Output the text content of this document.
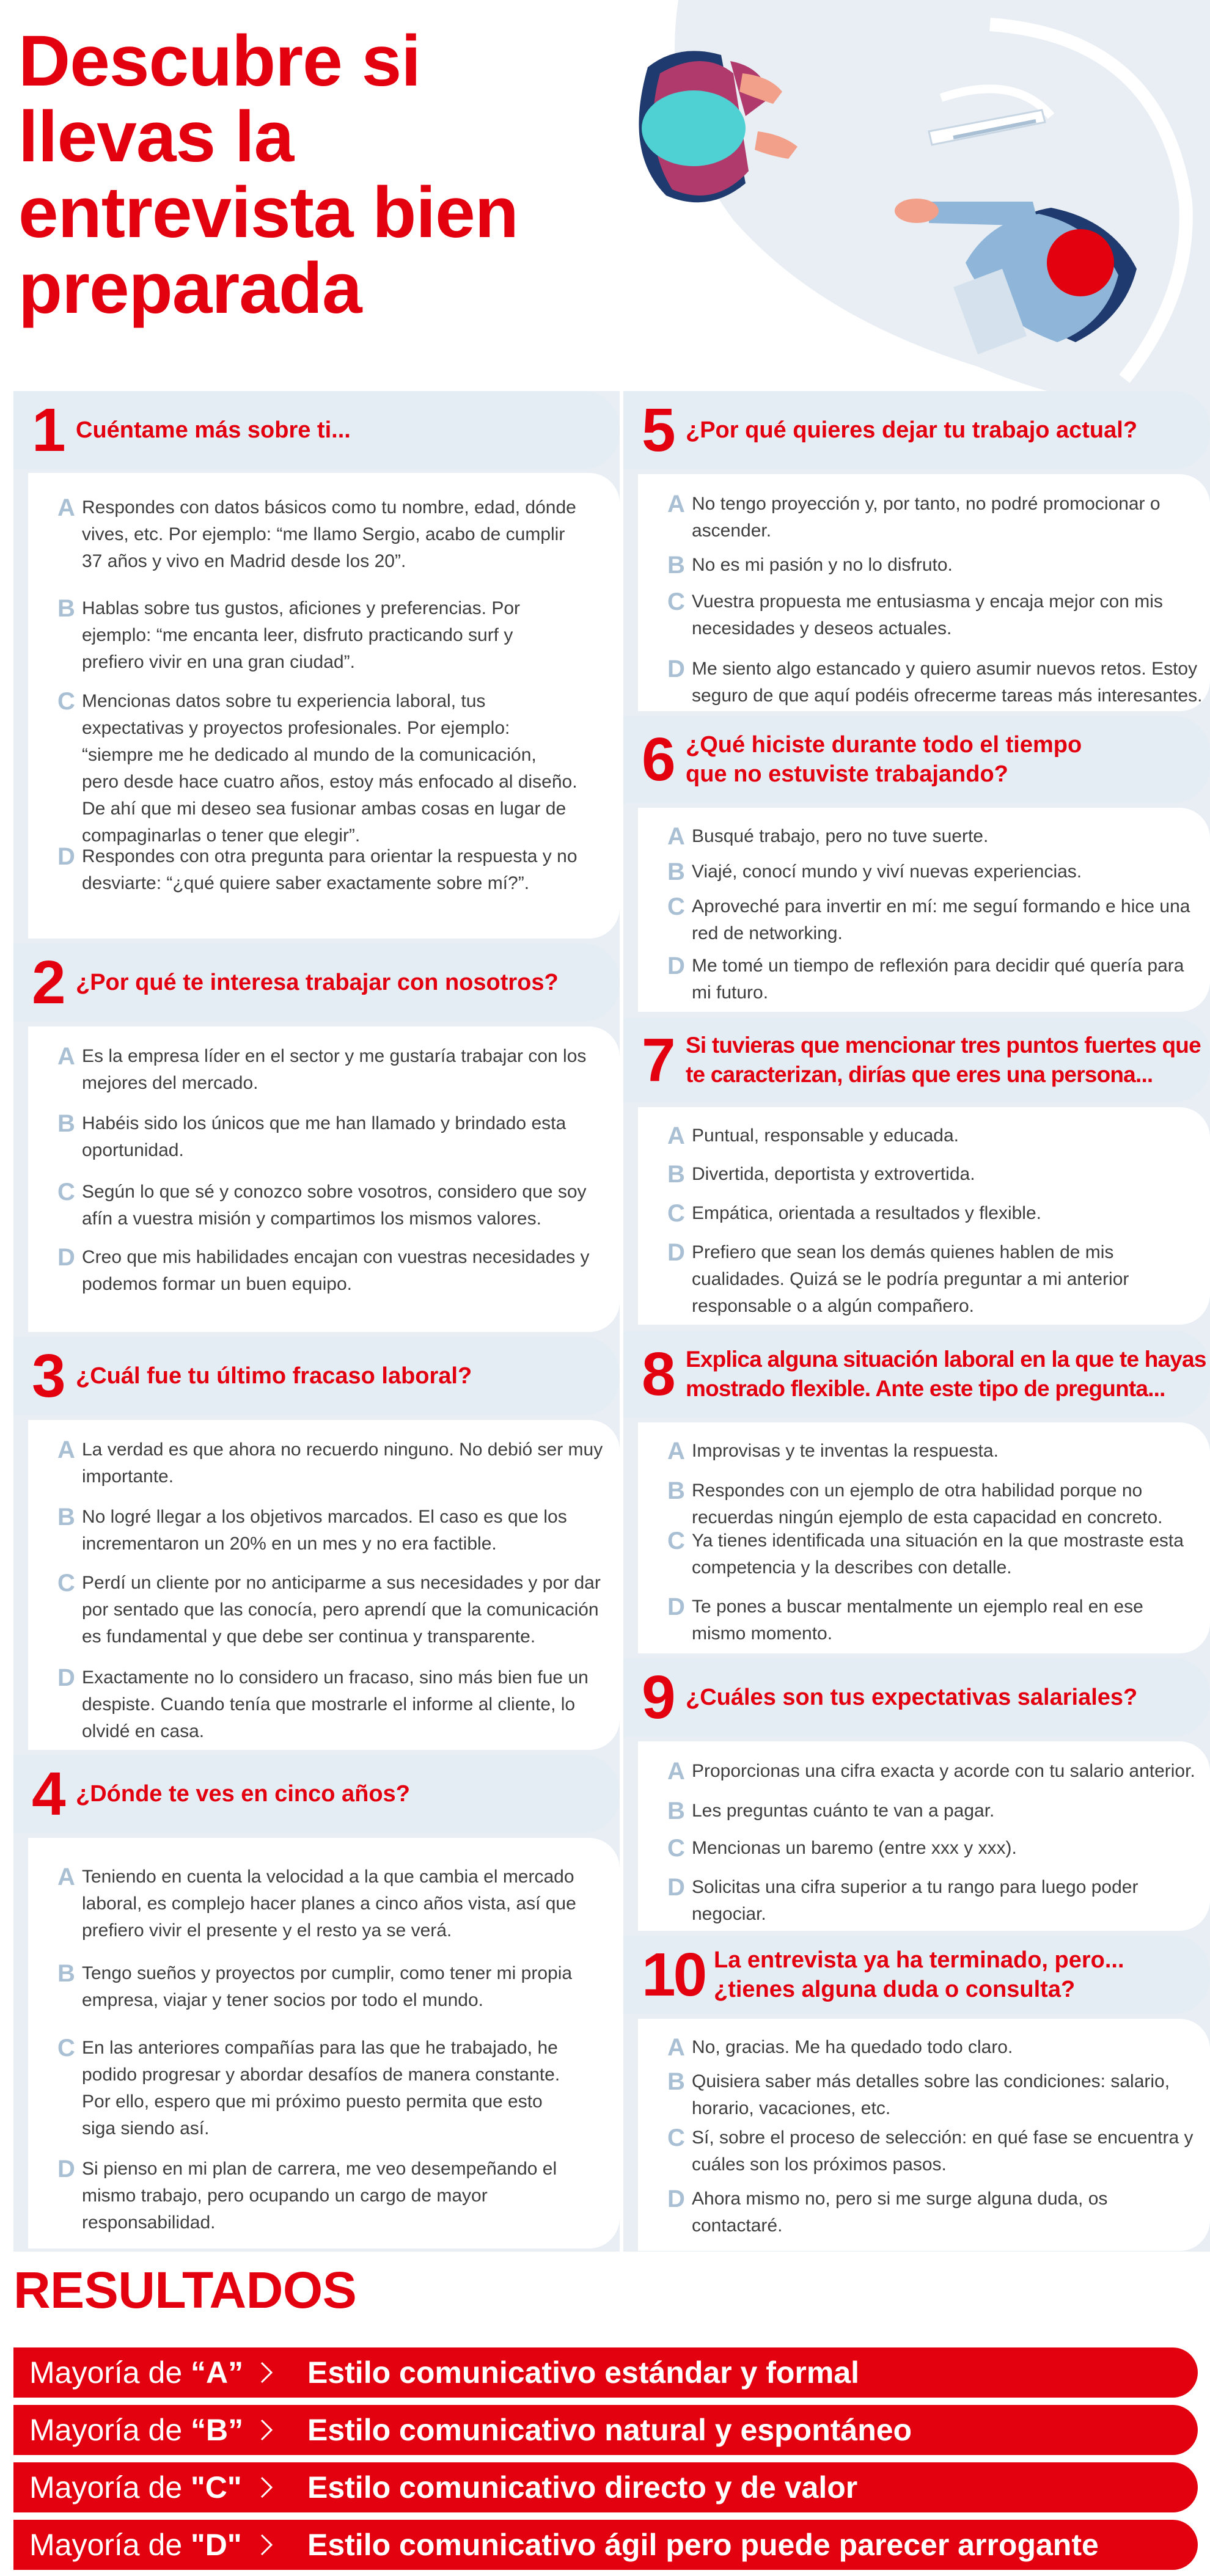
Descubre si
llevas la
entrevista bien
preparada
1 Cuéntame más sobre ti...
A Respondes con datos básicos como tu nombre, edad, dónde
vives, etc. Por ejemplo: “me llamo Sergio, acabo de cumplir
37 años y vivo en Madrid desde los 20”.
B Hablas sobre tus gustos, aficiones y preferencias. Por
ejemplo: “me encanta leer, disfruto practicando surf y
prefiero vivir en una gran ciudad”.
C Mencionas datos sobre tu experiencia laboral, tus
expectativas y proyectos profesionales. Por ejemplo:
“siempre me he dedicado al mundo de la comunicación,
pero desde hace cuatro años, estoy más enfocado al diseño.
De ahí que mi deseo sea fusionar ambas cosas en lugar de
compaginarlas o tener que elegir”.
D Respondes con otra pregunta para orientar la respuesta y no
desviarte: “¿qué quiere saber exactamente sobre mí?”.
2 ¿Por qué te interesa trabajar con nosotros?
A Es la empresa líder en el sector y me gustaría trabajar con los
mejores del mercado.
B Habéis sido los únicos que me han llamado y brindado esta
oportunidad.
C Según lo que sé y conozco sobre vosotros, considero que soy
afín a vuestra misión y compartimos los mismos valores.
D Creo que mis habilidades encajan con vuestras necesidades y
podemos formar un buen equipo.
3 ¿Cuál fue tu último fracaso laboral?
A La verdad es que ahora no recuerdo ninguno. No debió ser muy
importante.
B No logré llegar a los objetivos marcados. El caso es que los
incrementaron un 20% en un mes y no era factible.
C Perdí un cliente por no anticiparme a sus necesidades y por dar
por sentado que las conocía, pero aprendí que la comunicación
es fundamental y que debe ser continua y transparente.
D Exactamente no lo considero un fracaso, sino más bien fue un
despiste. Cuando tenía que mostrarle el informe al cliente, lo
olvidé en casa.
4 ¿Dónde te ves en cinco años?
A Teniendo en cuenta la velocidad a la que cambia el mercado
laboral, es complejo hacer planes a cinco años vista, así que
prefiero vivir el presente y el resto ya se verá.
B Tengo sueños y proyectos por cumplir, como tener mi propia
empresa, viajar y tener socios por todo el mundo.
C En las anteriores compañías para las que he trabajado, he
podido progresar y abordar desafíos de manera constante.
Por ello, espero que mi próximo puesto permita que esto
siga siendo así.
D Si pienso en mi plan de carrera, me veo desempeñando el
mismo trabajo, pero ocupando un cargo de mayor
responsabilidad.
5 ¿Por qué quieres dejar tu trabajo actual?
A No tengo proyección y, por tanto, no podré promocionar o
ascender.
B No es mi pasión y no lo disfruto.
C Vuestra propuesta me entusiasma y encaja mejor con mis
necesidades y deseos actuales.
D Me siento algo estancado y quiero asumir nuevos retos. Estoy
seguro de que aquí podéis ofrecerme tareas más interesantes.
6 ¿Qué hiciste durante todo el tiempo
que no estuviste trabajando?
A Busqué trabajo, pero no tuve suerte.
B Viajé, conocí mundo y viví nuevas experiencias.
C Aproveché para invertir en mí: me seguí formando e hice una
red de networking.
D Me tomé un tiempo de reflexión para decidir qué quería para
mi futuro.
7 Si tuvieras que mencionar tres puntos fuertes que
te caracterizan, dirías que eres una persona...
A Puntual, responsable y educada.
B Divertida, deportista y extrovertida.
C Empática, orientada a resultados y flexible.
D Prefiero que sean los demás quienes hablen de mis
cualidades. Quizá se le podría preguntar a mi anterior
responsable o a algún compañero.
8 Explica alguna situación laboral en la que te hayas
mostrado flexible. Ante este tipo de pregunta...
A Improvisas y te inventas la respuesta.
B Respondes con un ejemplo de otra habilidad porque no
recuerdas ningún ejemplo de esta capacidad en concreto.
C Ya tienes identificada una situación en la que mostraste esta
competencia y la describes con detalle.
D Te pones a buscar mentalmente un ejemplo real en ese
mismo momento.
9 ¿Cuáles son tus expectativas salariales?
A Proporcionas una cifra exacta y acorde con tu salario anterior.
B Les preguntas cuánto te van a pagar.
C Mencionas un baremo (entre xxx y xxx).
D Solicitas una cifra superior a tu rango para luego poder
negociar.
10 La entrevista ya ha terminado, pero...
¿tienes alguna duda o consulta?
A No, gracias. Me ha quedado todo claro.
B Quisiera saber más detalles sobre las condiciones: salario,
horario, vacaciones, etc.
C Sí, sobre el proceso de selección: en qué fase se encuentra y
cuáles son los próximos pasos.
D Ahora mismo no, pero si me surge alguna duda, os
contactaré.
RESULTADOS
Mayoría de “A”	Estilo comunicativo estándar y formal
Mayoría de “B”	Estilo comunicativo natural y espontáneo
Mayoría de "C"	Estilo comunicativo directo y de valor
Mayoría de "D"	Estilo comunicativo ágil pero puede parecer arrogante
